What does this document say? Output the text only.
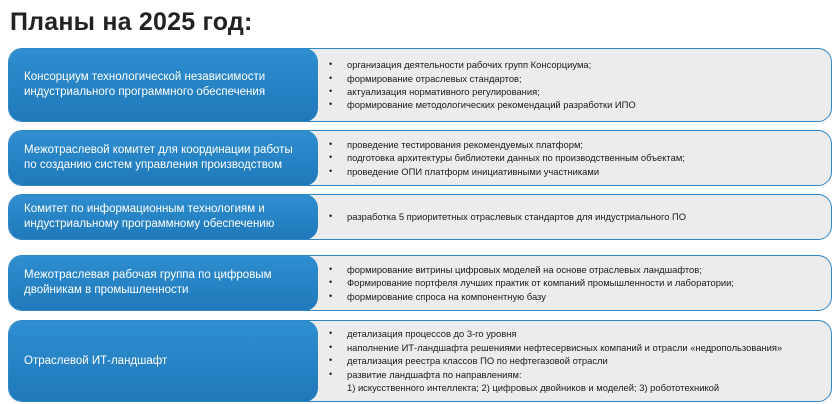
Планы на 2025 год:
Консорциум технологической независимости индустриального программного обеспечения
• организация деятельности рабочих групп Консорциума;
• формирование отраслевых стандартов;
• актуализация нормативного регулирования;
• формирование методологических рекомендаций разработки ИПО
Межотраслевой комитет для координации работы по созданию систем управления производством
• проведение тестирования рекомендуемых платформ;
• подготовка архитектуры библиотеки данных по производственным объектам;
• проведение ОПИ платформ инициативными участниками
Комитет по информационным технологиям и индустриальному программному обеспечению
• разработка 5 приоритетных отраслевых стандартов для индустриального ПО
Межотраслевая рабочая группа по цифровым двойникам в промышленности
• формирование витрины цифровых моделей на основе отраслевых ландшафтов;
• Формирование портфеля лучших практик от компаний промышленности и лаборатории;
• формирование спроса на компонентную базу
Отраслевой ИТ-ландшафт
• детализация процессов до 3-го уровня
• наполнение ИТ-ландшафта решениями нефтесервисных компаний и отрасли «недропользования»
• детализация реестра классов ПО по нефтегазовой отрасли
• развитие ландшафта по направлениям:
1) искусственного интеллекта; 2) цифровых двойников и моделей; 3) робототехникой
